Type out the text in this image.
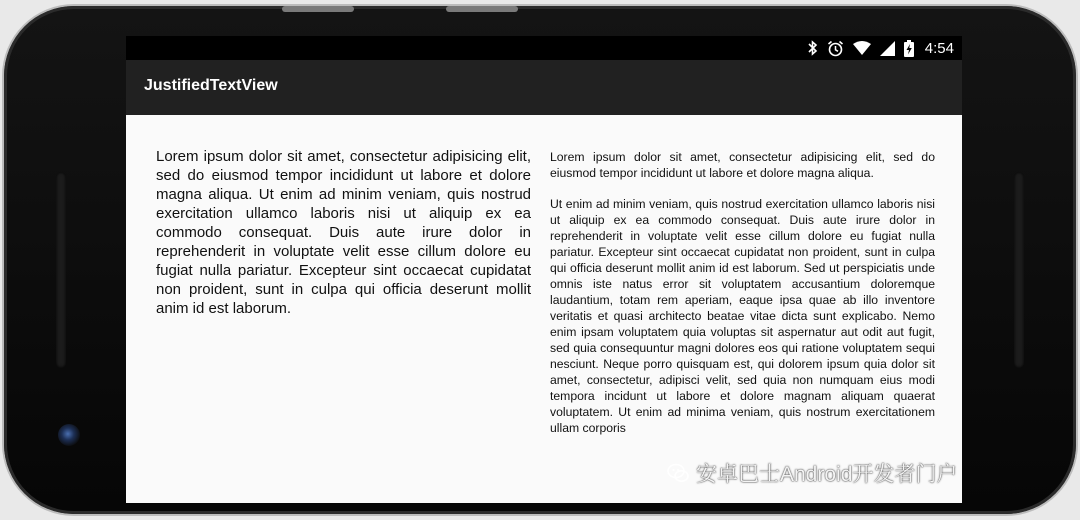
4:54
JustifiedTextView
Lorem ipsum dolor sit amet, consectetur adipisicing elit, sed do eiusmod tempor incididunt ut labore et dolore magna aliqua. Ut enim ad minim veniam, quis nostrud exercitation ullamco laboris nisi ut aliquip ex ea commodo consequat. Duis aute irure dolor in reprehenderit in voluptate velit esse cillum dolore eu fugiat nulla pariatur. Excepteur sint occaecat cupidatat non proident, sunt in culpa qui officia deserunt mollit anim id est laborum.

Lorem ipsum dolor sit amet, consectetur adipisicing elit, sed do eiusmod tempor incididunt ut labore et dolore magna aliqua.

Ut enim ad minim veniam, quis nostrud exercitation ullamco laboris nisi ut aliquip ex ea commodo consequat. Duis aute irure dolor in reprehenderit in voluptate velit esse cillum dolore eu fugiat nulla pariatur. Excepteur sint occaecat cupidatat non proident, sunt in culpa qui officia deserunt mollit anim id est laborum. Sed ut perspiciatis unde omnis iste natus error sit voluptatem accusantium doloremque laudantium, totam rem aperiam, eaque ipsa quae ab illo inventore veritatis et quasi architecto beatae vitae dicta sunt explicabo. Nemo enim ipsam voluptatem quia voluptas sit aspernatur aut odit aut fugit, sed quia consequuntur magni dolores eos qui ratione voluptatem sequi nesciunt. Neque porro quisquam est, qui dolorem ipsum quia dolor sit amet, consectetur, adipisci velit, sed quia non numquam eius modi tempora incidunt ut labore et dolore magnam aliquam quaerat voluptatem. Ut enim ad minima veniam, quis nostrum exercitationem ullam corporis

安卓巴士Android开发者门户
